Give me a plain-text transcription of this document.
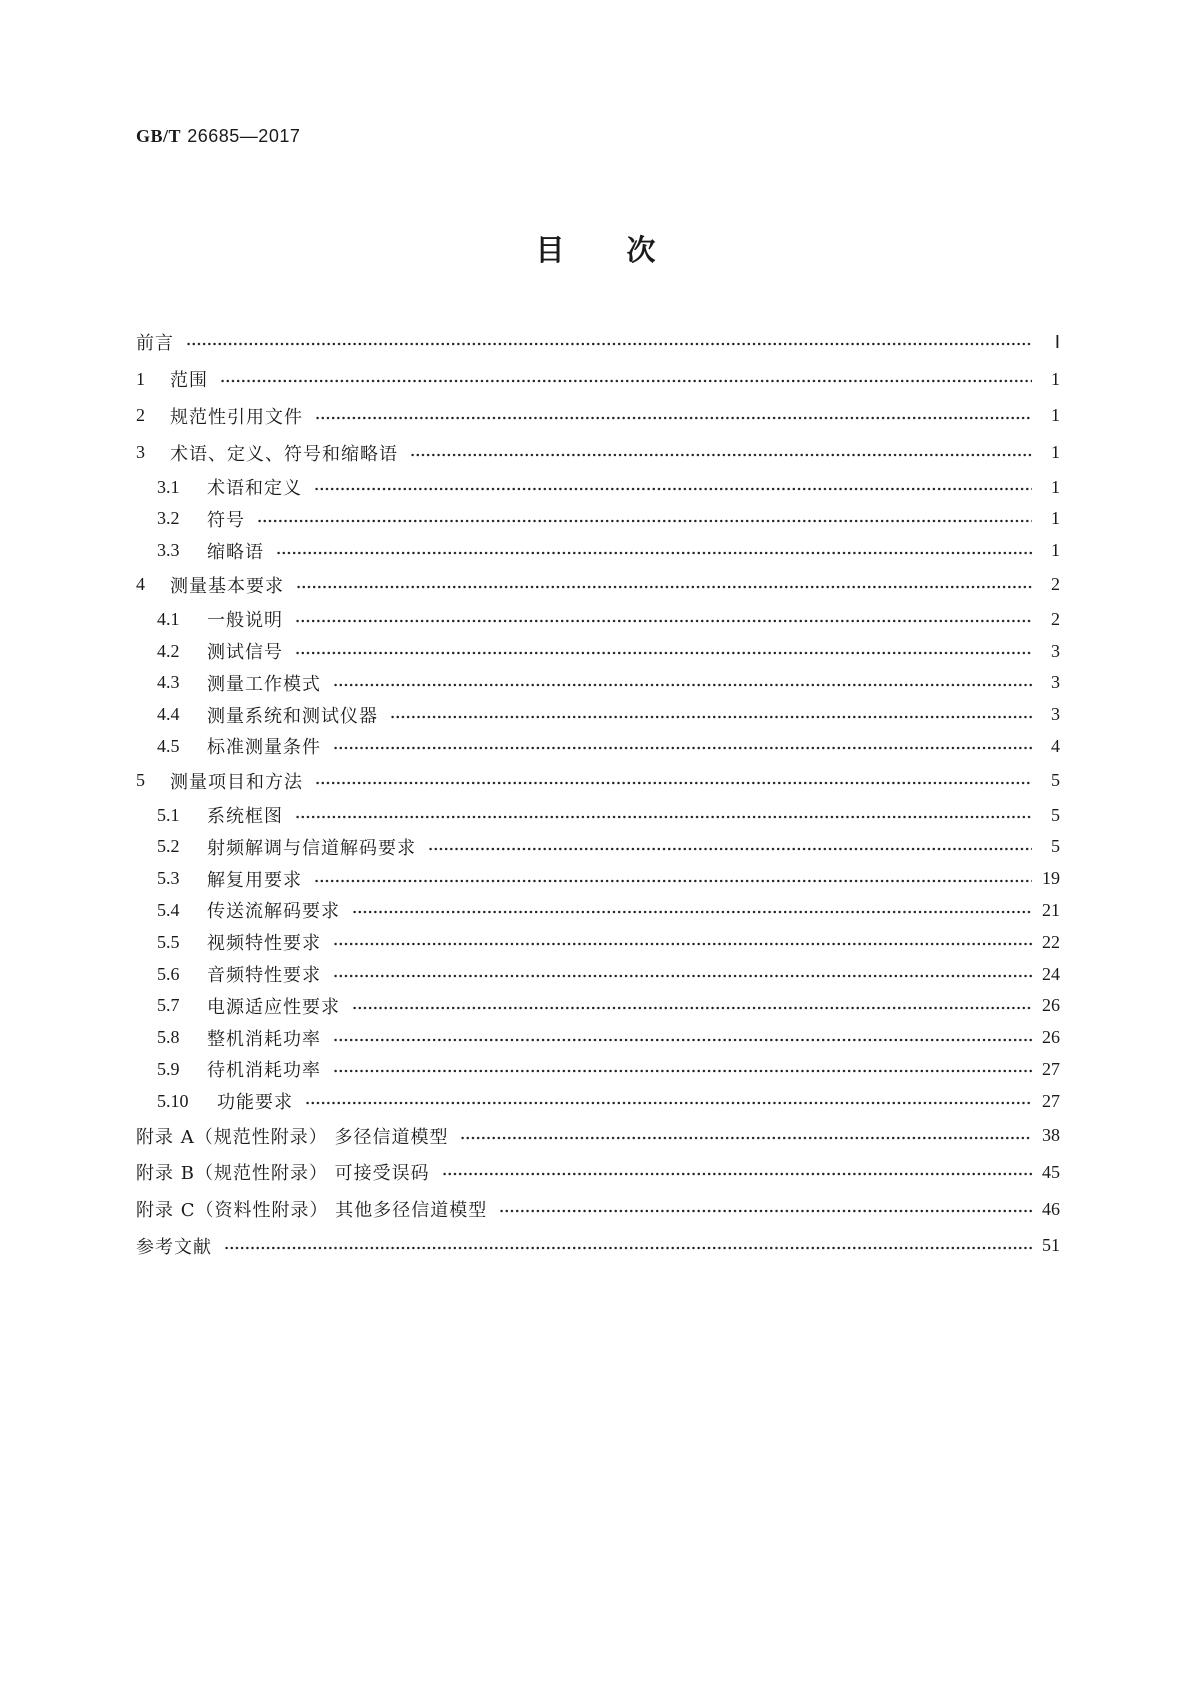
GB/T 26685—2017
目 次
前言	Ⅰ
1	范围	1
2	规范性引用文件	1
3	术语、定义、符号和缩略语	1
3.1	术语和定义	1
3.2	符号	1
3.3	缩略语	1
4	测量基本要求	2
4.1	一般说明	2
4.2	测试信号	3
4.3	测量工作模式	3
4.4	测量系统和测试仪器	3
4.5	标准测量条件	4
5	测量项目和方法	5
5.1	系统框图	5
5.2	射频解调与信道解码要求	5
5.3	解复用要求	19
5.4	传送流解码要求	21
5.5	视频特性要求	22
5.6	音频特性要求	24
5.7	电源适应性要求	26
5.8	整机消耗功率	26
5.9	待机消耗功率	27
5.10	功能要求	27
附录 A（规范性附录） 多径信道模型	38
附录 B（规范性附录） 可接受误码	45
附录 C（资料性附录） 其他多径信道模型	46
参考文献	51
